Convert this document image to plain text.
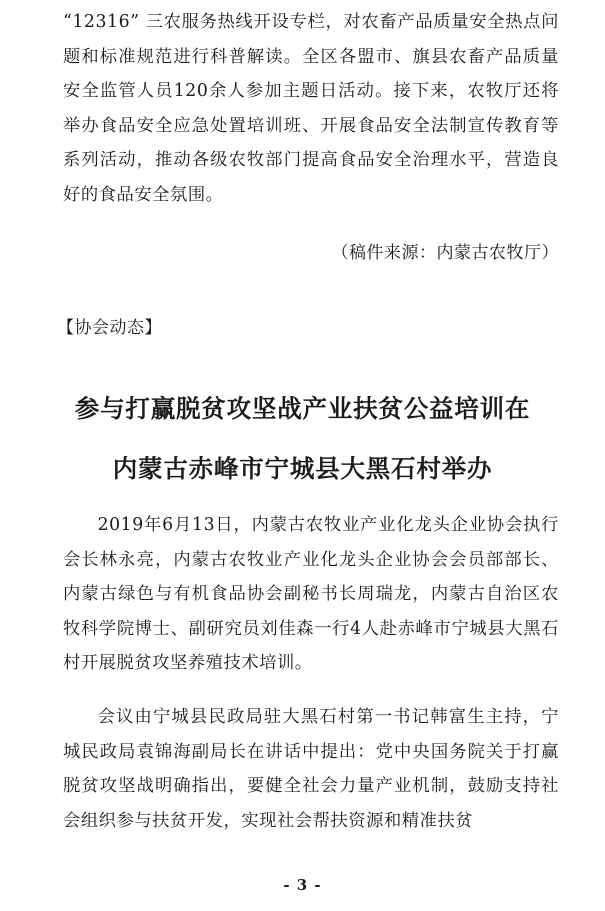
“12316” 三农服务热线开设专栏，对农畜产品质量安全热点问题和标准规范进行科普解读。全区各盟市、旗县农畜产品质量安全监管人员120余人参加主题日活动。接下来，农牧厅还将举办食品安全应急处置培训班、开展食品安全法制宣传教育等系列活动，推动各级农牧部门提高食品安全治理水平，营造良好的食品安全氛围。

（稿件来源：内蒙古农牧厅）
【协会动态】
参与打赢脱贫攻坚战产业扶贫公益培训在
内蒙古赤峰市宁城县大黑石村举办

2019年6月13日，内蒙古农牧业产业化龙头企业协会执行会长林永亮，内蒙古农牧业产业化龙头企业协会会员部部长、内蒙古绿色与有机食品协会副秘书长周瑞龙，内蒙古自治区农牧科学院博士、副研究员刘佳森一行4人赴赤峰市宁城县大黑石村开展脱贫攻坚养殖技术培训。

会议由宁城县民政局驻大黑石村第一书记韩富生主持，宁城民政局袁锦海副局长在讲话中提出：党中央国务院关于打赢脱贫攻坚战明确指出，要健全社会力量产业机制，鼓励支持社会组织参与扶贫开发，实现社会帮扶资源和精准扶贫

- 3 -
